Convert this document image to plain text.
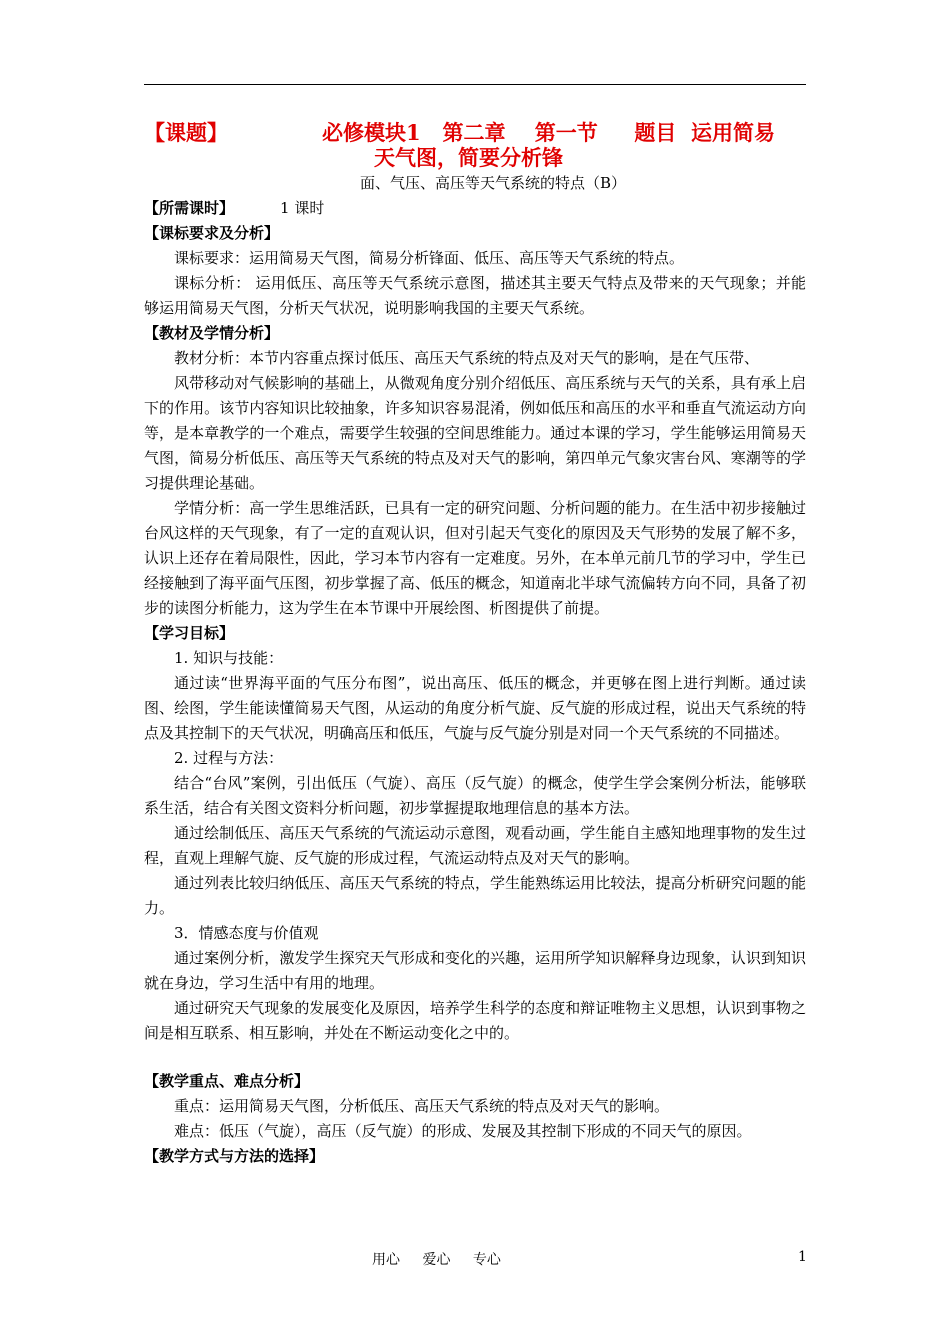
【课题】	必修模块1   第二章    第一节     题目  运用简易
天气图，简要分析锋
面、气压、高压等天气系统的特点（B）
【所需课时】	1 课时
【课标要求及分析】

课标要求：运用简易天气图，简易分析锋面、低压、高压等天气系统的特点。

课标分析： 运用低压、高压等天气系统示意图，描述其主要天气特点及带来的天气现象；并能够运用简易天气图，分析天气状况，说明影响我国的主要天气系统。

【教材及学情分析】

教材分析：本节内容重点探讨低压、高压天气系统的特点及对天气的影响，是在气压带、

风带移动对气候影响的基础上，从微观角度分别介绍低压、高压系统与天气的关系，具有承上启下的作用。该节内容知识比较抽象，许多知识容易混淆，例如低压和高压的水平和垂直气流运动方向等，是本章教学的一个难点，需要学生较强的空间思维能力。通过本课的学习，学生能够运用简易天气图，简易分析低压、高压等天气系统的特点及对天气的影响，第四单元气象灾害台风、寒潮等的学习提供理论基础。

学情分析：高一学生思维活跃，已具有一定的研究问题、分析问题的能力。在生活中初步接触过台风这样的天气现象，有了一定的直观认识，但对引起天气变化的原因及天气形势的发展了解不多，认识上还存在着局限性，因此，学习本节内容有一定难度。另外，在本单元前几节的学习中，学生已经接触到了海平面气压图，初步掌握了高、低压的概念，知道南北半球气流偏转方向不同，具备了初步的读图分析能力，这为学生在本节课中开展绘图、析图提供了前提。

【学习目标】

1. 知识与技能：

通过读“世界海平面的气压分布图”，说出高压、低压的概念，并更够在图上进行判断。通过读图、绘图，学生能读懂简易天气图，从运动的角度分析气旋、反气旋的形成过程，说出天气系统的特点及其控制下的天气状况，明确高压和低压，气旋与反气旋分别是对同一个天气系统的不同描述。

2. 过程与方法：

结合“台风”案例，引出低压（气旋）、高压（反气旋）的概念，使学生学会案例分析法，能够联系生活，结合有关图文资料分析问题，初步掌握提取地理信息的基本方法。

通过绘制低压、高压天气系统的气流运动示意图，观看动画，学生能自主感知地理事物的发生过程，直观上理解气旋、反气旋的形成过程，气流运动特点及对天气的影响。

通过列表比较归纳低压、高压天气系统的特点，学生能熟练运用比较法，提高分析研究问题的能力。

3．情感态度与价值观

通过案例分析，激发学生探究天气形成和变化的兴趣，运用所学知识解释身边现象，认识到知识就在身边，学习生活中有用的地理。

通过研究天气现象的发展变化及原因，培养学生科学的态度和辩证唯物主义思想，认识到事物之间是相互联系、相互影响，并处在不断运动变化之中的。

【教学重点、难点分析】

重点：运用简易天气图，分析低压、高压天气系统的特点及对天气的影响。

难点：低压（气旋），高压（反气旋）的形成、发展及其控制下形成的不同天气的原因。

【教学方式与方法的选择】
用心 爱心 专心	1
